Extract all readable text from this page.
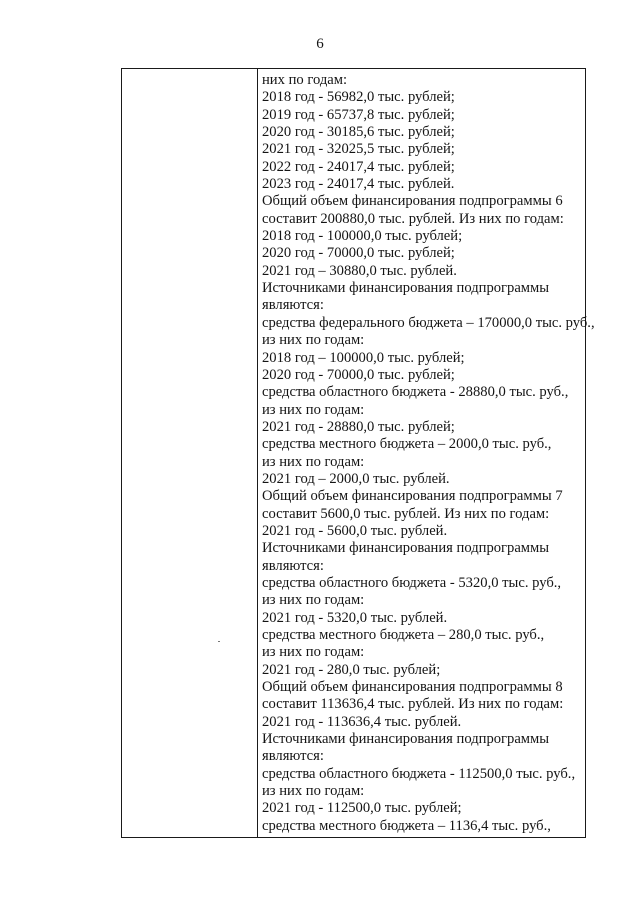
6
них по годам:
2018 год - 56982,0 тыс. рублей;
2019 год - 65737,8 тыс. рублей;
2020 год - 30185,6 тыс. рублей;
2021 год - 32025,5 тыс. рублей;
2022 год - 24017,4 тыс. рублей;
2023 год - 24017,4 тыс. рублей.
Общий объем финансирования подпрограммы 6
составит 200880,0 тыс. рублей. Из них по годам:
2018 год - 100000,0 тыс. рублей;
2020 год - 70000,0 тыс. рублей;
2021 год – 30880,0 тыс. рублей.
Источниками финансирования подпрограммы
являются:
средства федерального бюджета – 170000,0 тыс. руб.,
из них по годам:
2018 год – 100000,0 тыс. рублей;
2020 год - 70000,0 тыс. рублей;
средства областного бюджета - 28880,0 тыс. руб.,
из них по годам:
2021 год - 28880,0 тыс. рублей;
средства местного бюджета – 2000,0 тыс. руб.,
из них по годам:
2021 год – 2000,0 тыс. рублей.
Общий объем финансирования подпрограммы 7
составит 5600,0 тыс. рублей. Из них по годам:
2021 год - 5600,0 тыс. рублей.
Источниками финансирования подпрограммы
являются:
средства областного бюджета - 5320,0 тыс. руб.,
из них по годам:
2021 год - 5320,0 тыс. рублей.
средства местного бюджета – 280,0 тыс. руб.,
из них по годам:
2021 год - 280,0 тыс. рублей;
Общий объем финансирования подпрограммы 8
составит 113636,4 тыс. рублей. Из них по годам:
2021 год - 113636,4 тыс. рублей.
Источниками финансирования подпрограммы
являются:
средства областного бюджета - 112500,0 тыс. руб.,
из них по годам:
2021 год - 112500,0 тыс. рублей;
средства местного бюджета – 1136,4 тыс. руб.,
